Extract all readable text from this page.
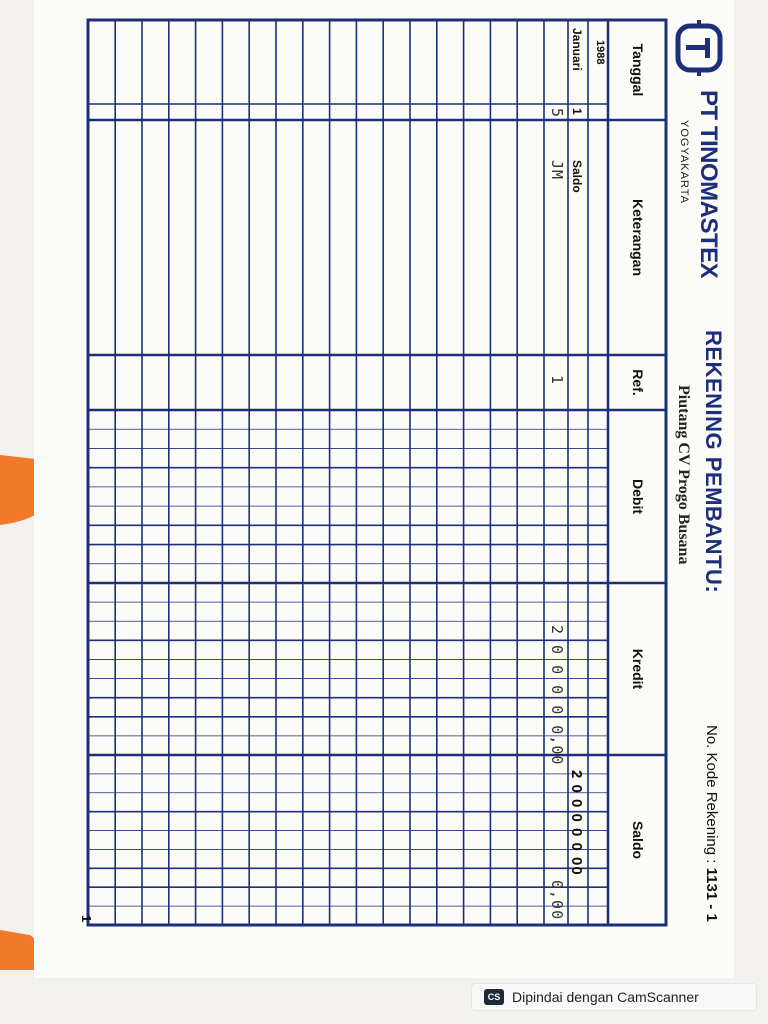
PT TINOMASTEX
YOGYAKARTA
REKENING PEMBANTU:
Piutang CV Progo Busana
No. Kode Rekening : 1131 - 1
Tanggal
Keterangan
Ref.
Debit
Kredit
Saldo
1988
Januari
1
Saldo
2 0 0 0 0 0 00
5
JM
1
2 0 0 0 0 0,00
0,00
1
CS Dipindai dengan CamScanner
